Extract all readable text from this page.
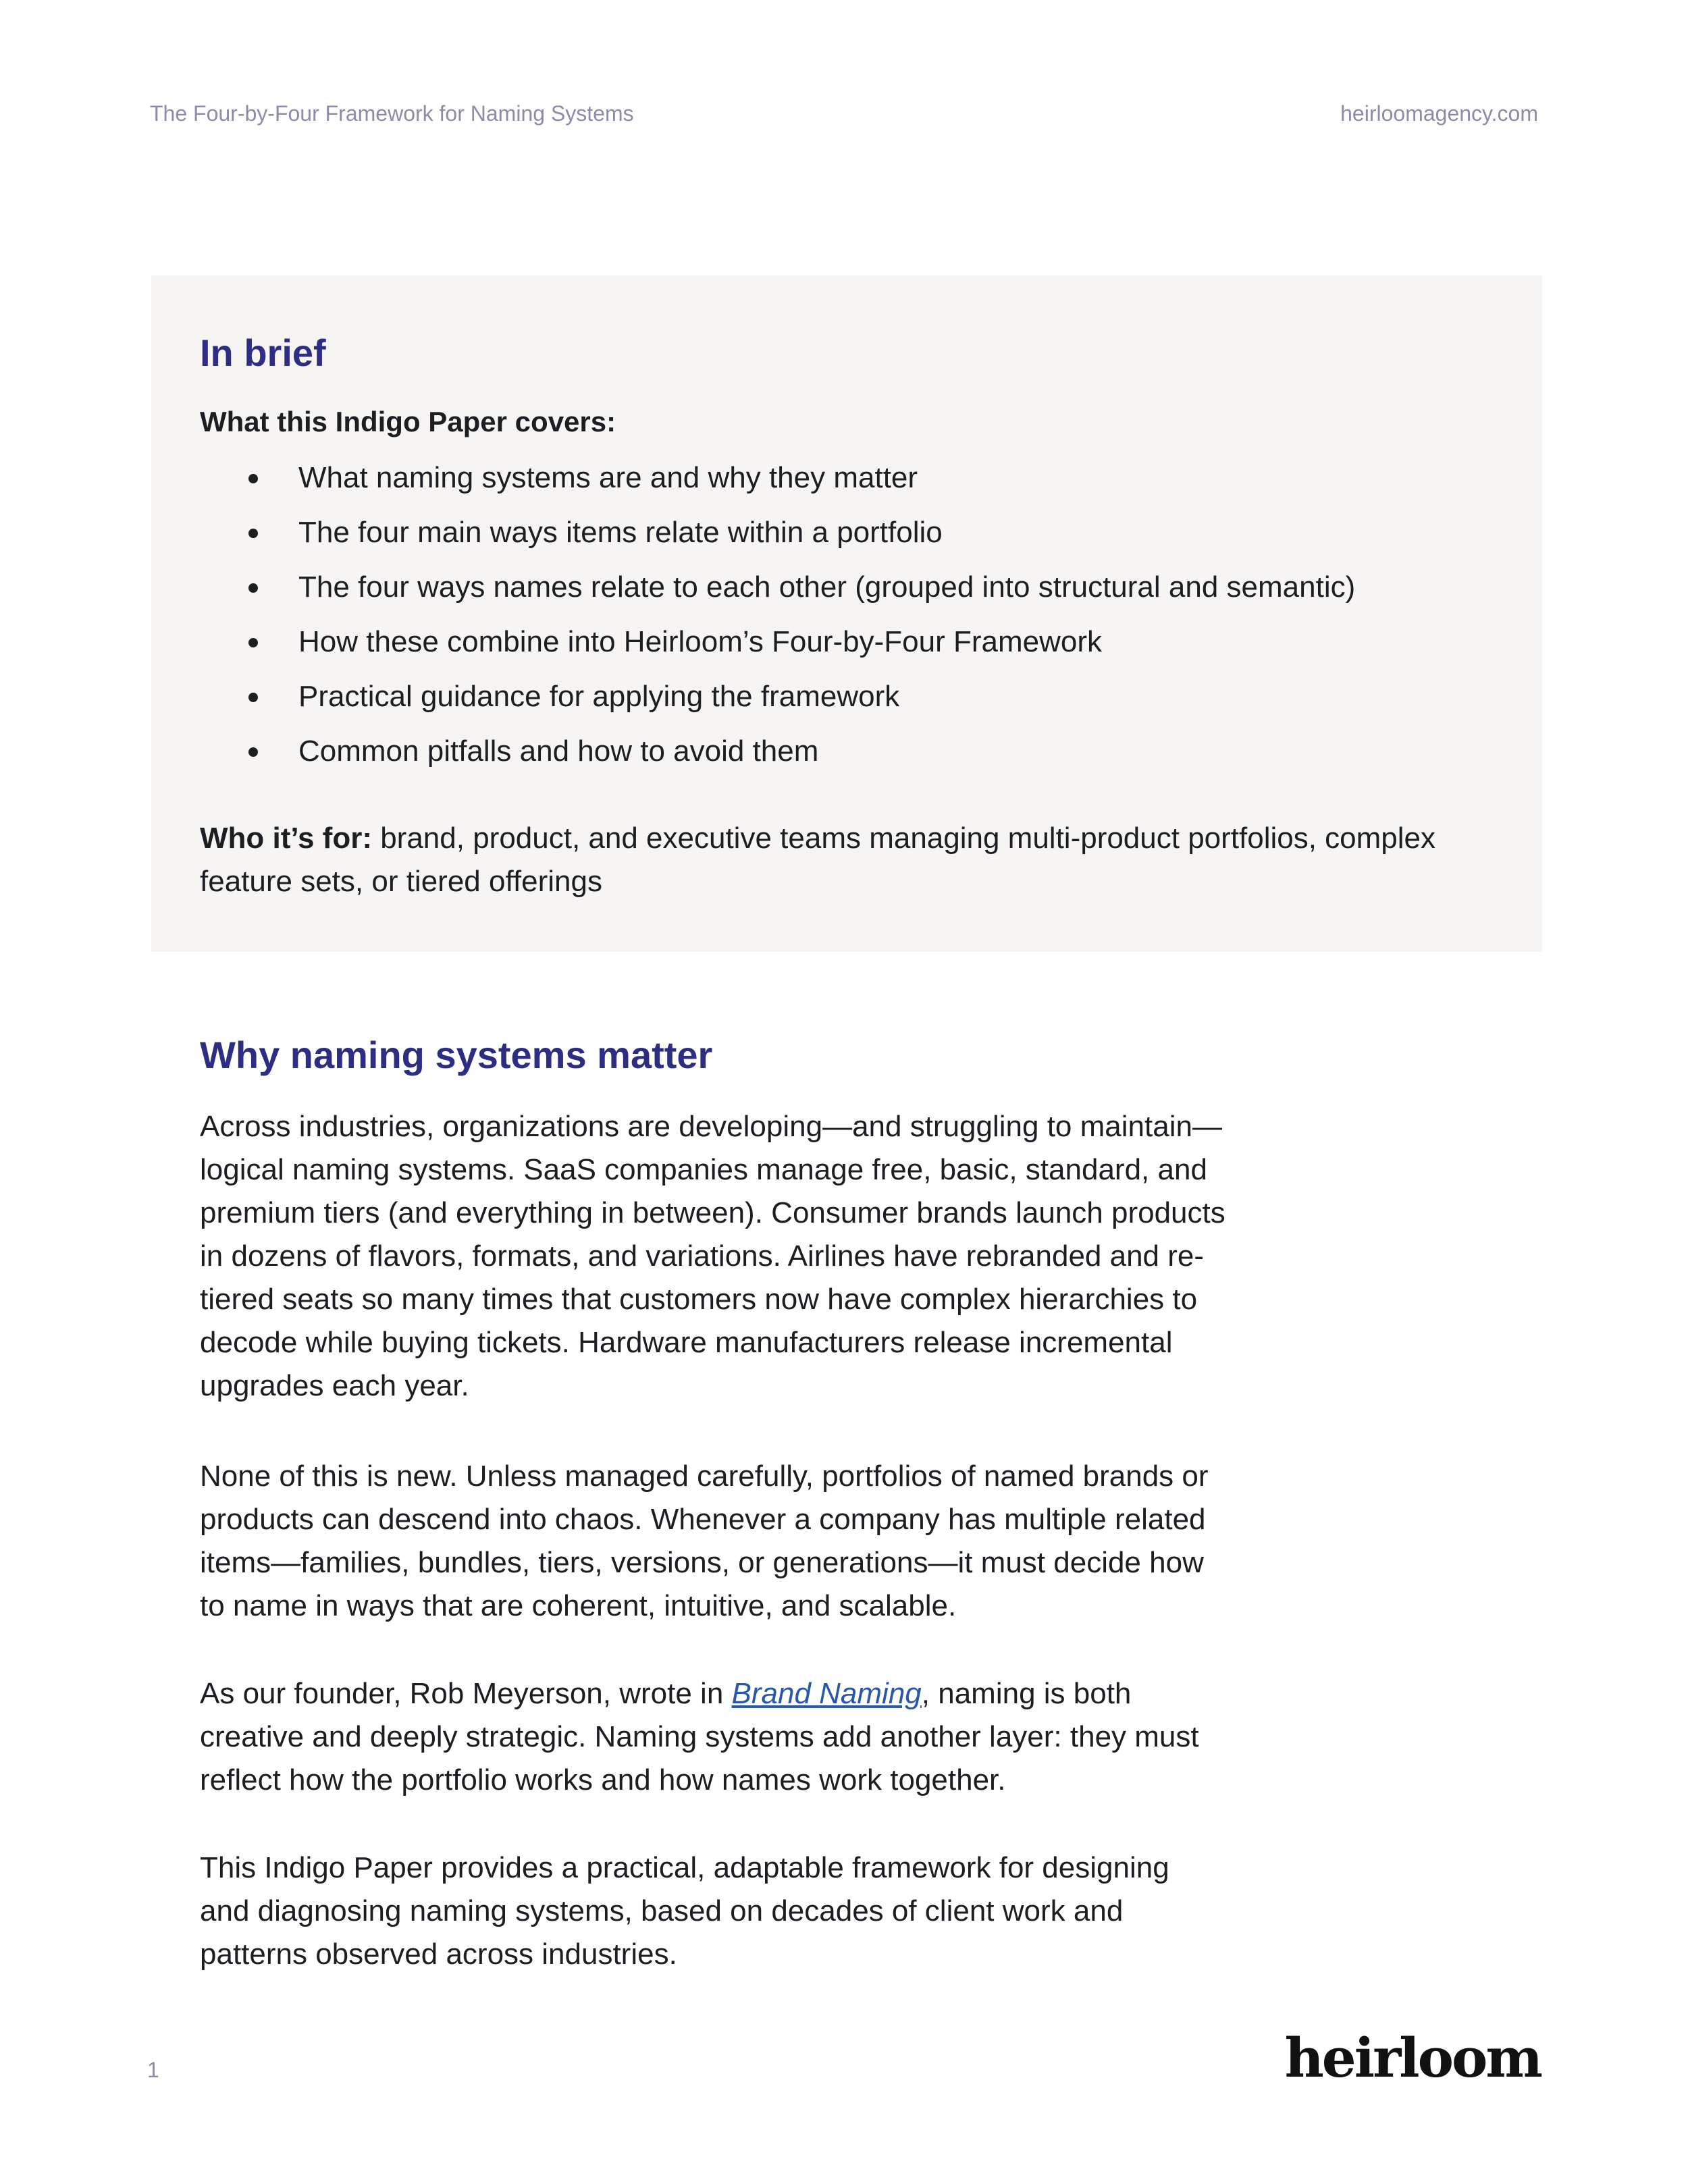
The Four-by-Four Framework for Naming Systems	heirloomagency.com
In brief
What this Indigo Paper covers:
What naming systems are and why they matter
The four main ways items relate within a portfolio
The four ways names relate to each other (grouped into structural and semantic)
How these combine into Heirloom’s Four-by-Four Framework
Practical guidance for applying the framework
Common pitfalls and how to avoid them
Who it’s for: brand, product, and executive teams managing multi-product portfolios, complex feature sets, or tiered offerings
Why naming systems matter

Across industries, organizations are developing—and struggling to maintain—logical naming systems. SaaS companies manage free, basic, standard, and premium tiers (and everything in between). Consumer brands launch products in dozens of flavors, formats, and variations. Airlines have rebranded and re-tiered seats so many times that customers now have complex hierarchies to decode while buying tickets. Hardware manufacturers release incremental upgrades each year.

None of this is new. Unless managed carefully, portfolios of named brands or products can descend into chaos. Whenever a company has multiple related items—families, bundles, tiers, versions, or generations—it must decide how to name in ways that are coherent, intuitive, and scalable.

As our founder, Rob Meyerson, wrote in Brand Naming, naming is both creative and deeply strategic. Naming systems add another layer: they must reflect how the portfolio works and how names work together.

This Indigo Paper provides a practical, adaptable framework for designing and diagnosing naming systems, based on decades of client work and patterns observed across industries.

1	heirloom
